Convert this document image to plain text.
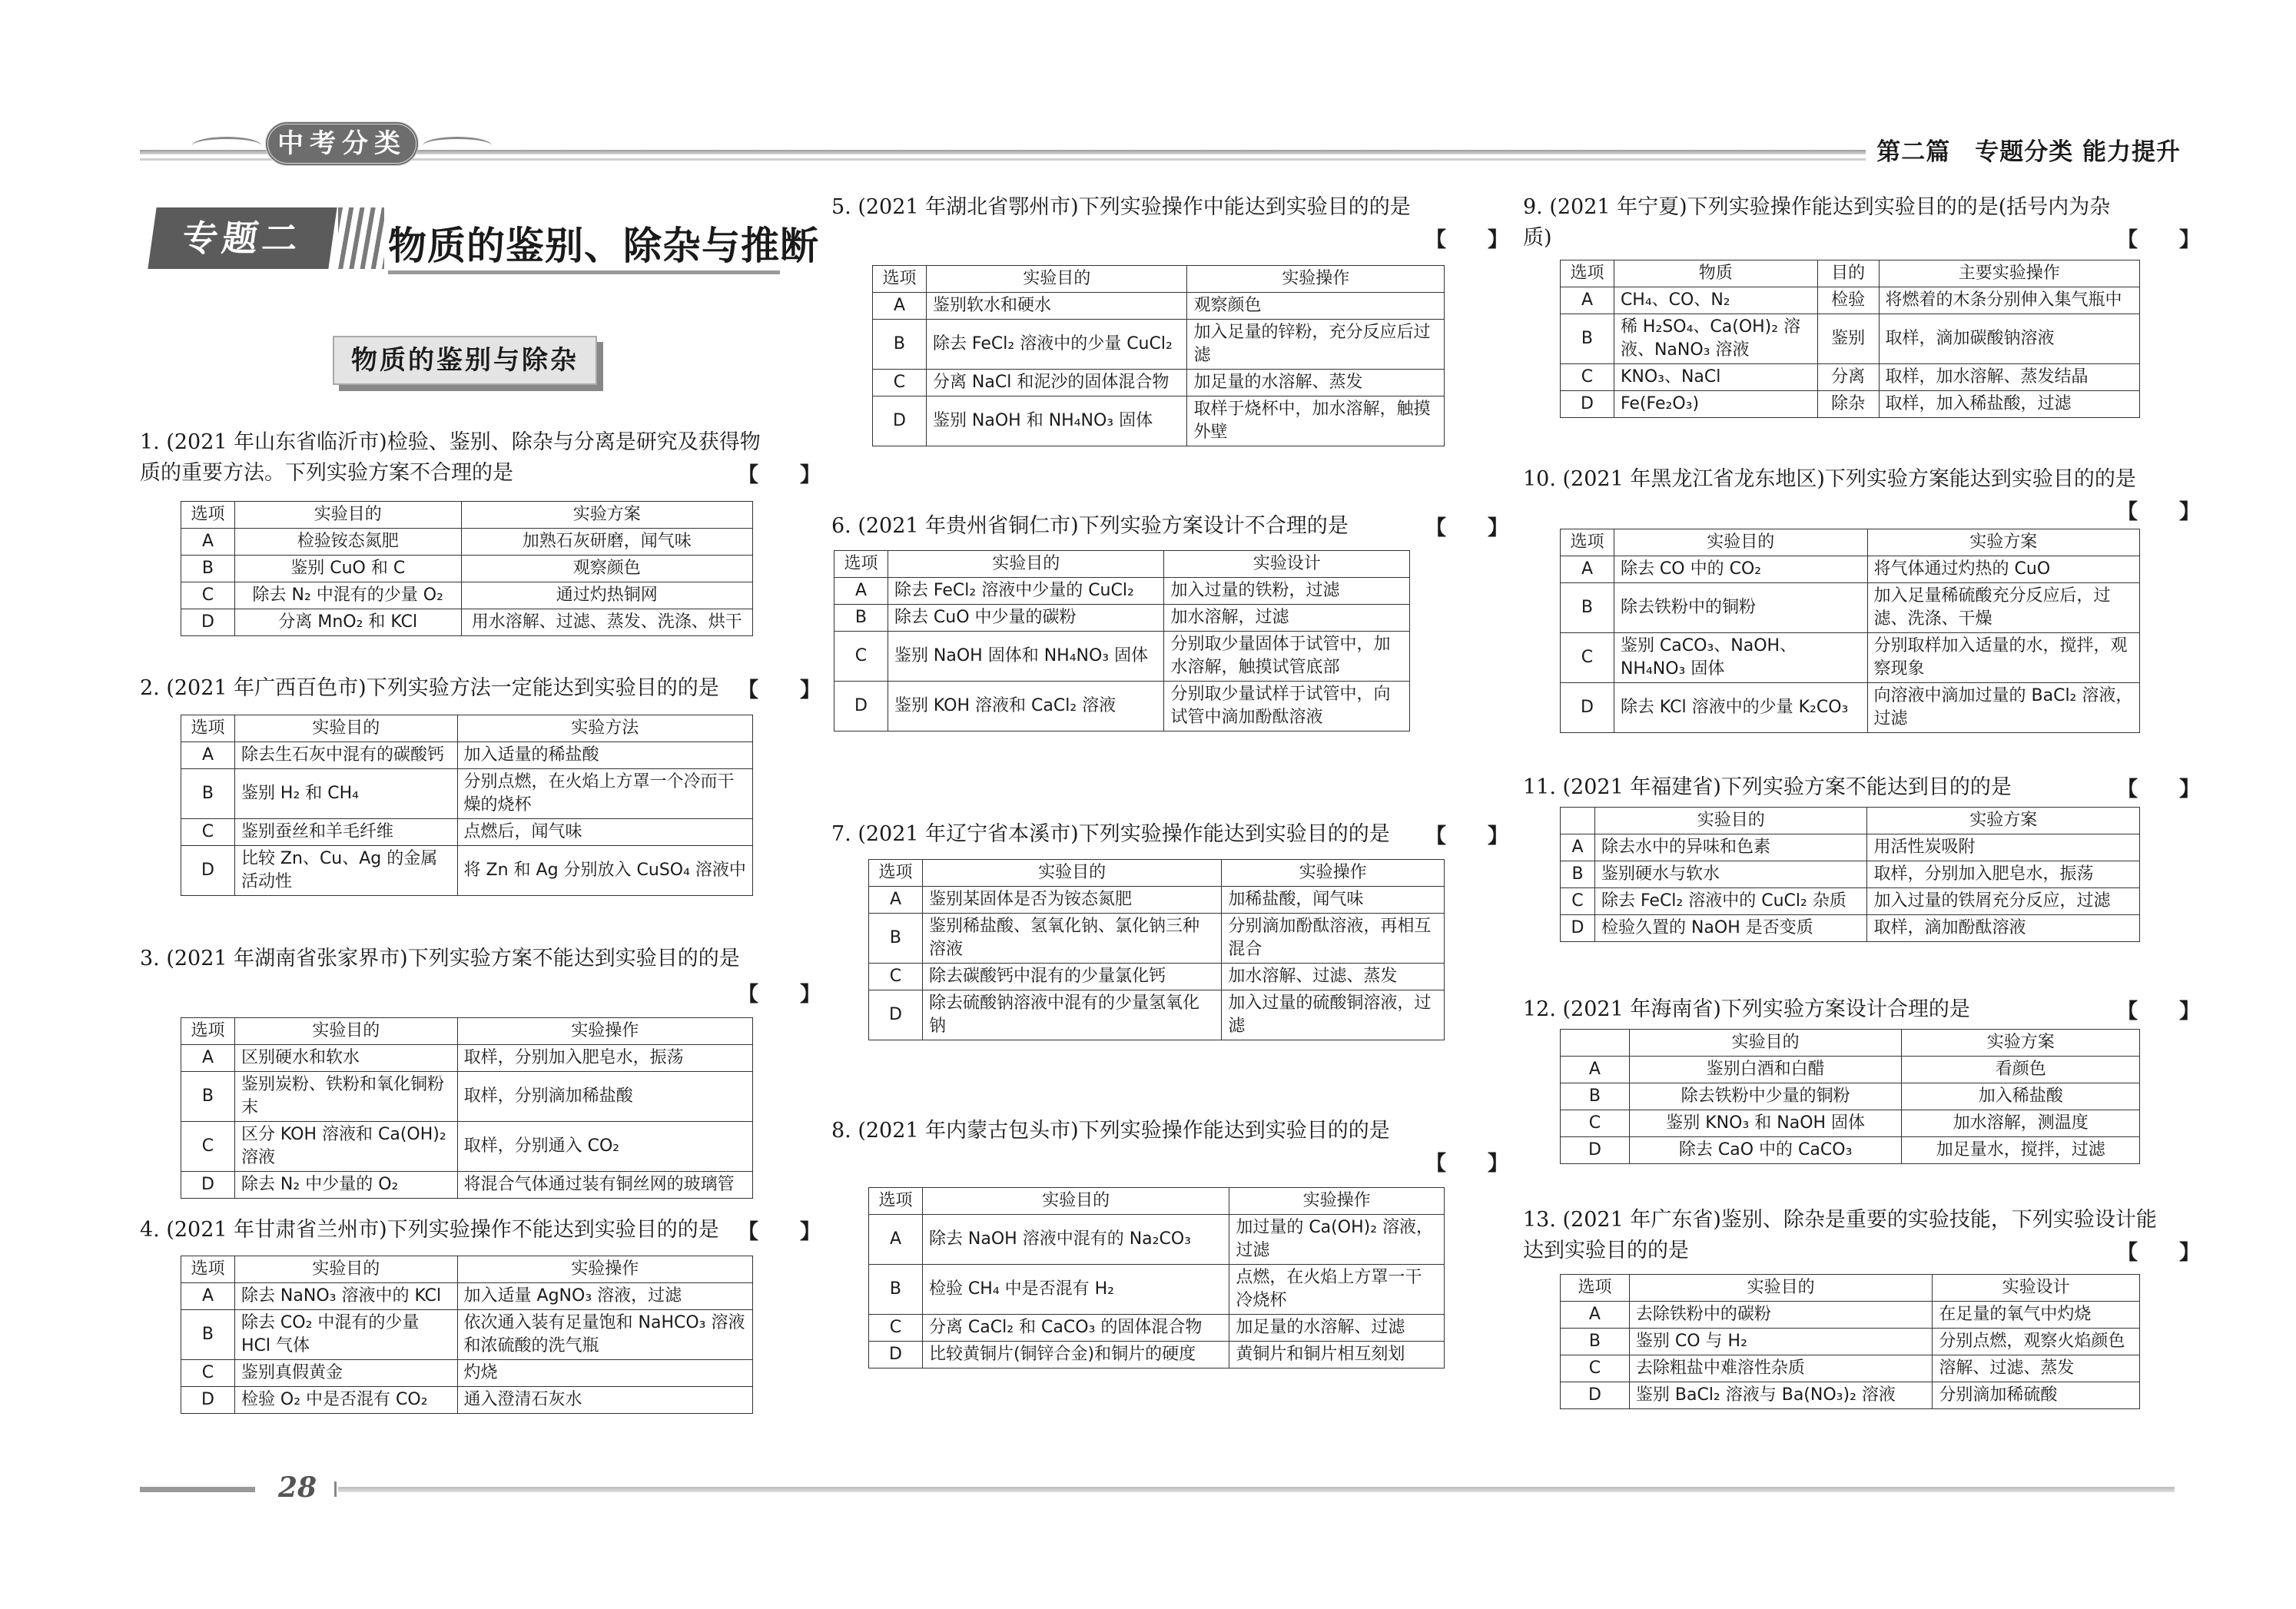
中考分类	第二篇　专题分类 能力提升
专题二	物质的鉴别、除杂与推断
物质的鉴别与除杂
1. (2021 年山东省临沂市)检验、鉴别、除杂与分离是研究及获得物
质的重要方法。下列实验方案不合理的是	【　　】
选项	实验目的	实验方案
A	检验铵态氮肥	加熟石灰研磨，闻气味
B	鉴别 CuO 和 C	观察颜色
C	除去 N₂ 中混有的少量 O₂	通过灼热铜网
D	分离 MnO₂ 和 KCl	用水溶解、过滤、蒸发、洗涤、烘干
2. (2021 年广西百色市)下列实验方法一定能达到实验目的的是 【　　】
选项	实验目的	实验方法
A	除去生石灰中混有的碳酸钙	加入适量的稀盐酸
B	鉴别 H₂ 和 CH₄	分别点燃，在火焰上方罩一个冷而干燥的烧杯
C	鉴别蚕丝和羊毛纤维	点燃后，闻气味
D	比较 Zn、Cu、Ag 的金属活动性	将 Zn 和 Ag 分别放入 CuSO₄ 溶液中
3. (2021 年湖南省张家界市)下列实验方案不能达到实验目的的是
【　　】
选项	实验目的	实验操作
A	区别硬水和软水	取样，分别加入肥皂水，振荡
B	鉴别炭粉、铁粉和氧化铜粉末	取样，分别滴加稀盐酸
C	区分 KOH 溶液和 Ca(OH)₂ 溶液	取样，分别通入 CO₂
D	除去 N₂ 中少量的 O₂	将混合气体通过装有铜丝网的玻璃管
4. (2021 年甘肃省兰州市)下列实验操作不能达到实验目的的是 【　　】
选项	实验目的	实验操作
A	除去 NaNO₃ 溶液中的 KCl	加入适量 AgNO₃ 溶液，过滤
B	除去 CO₂ 中混有的少量 HCl 气体	依次通入装有足量饱和 NaHCO₃ 溶液和浓硫酸的洗气瓶
C	鉴别真假黄金	灼烧
D	检验 O₂ 中是否混有 CO₂	通入澄清石灰水
5. (2021 年湖北省鄂州市)下列实验操作中能达到实验目的的是
【　　】
选项	实验目的	实验操作
A	鉴别软水和硬水	观察颜色
B	除去 FeCl₂ 溶液中的少量 CuCl₂	加入足量的锌粉，充分反应后过滤
C	分离 NaCl 和泥沙的固体混合物	加足量的水溶解、蒸发
D	鉴别 NaOH 和 NH₄NO₃ 固体	取样于烧杯中，加水溶解，触摸外壁
6. (2021 年贵州省铜仁市)下列实验方案设计不合理的是	【　　】
选项	实验目的	实验设计
A	除去 FeCl₂ 溶液中少量的 CuCl₂	加入过量的铁粉，过滤
B	除去 CuO 中少量的碳粉	加水溶解，过滤
C	鉴别 NaOH 固体和 NH₄NO₃ 固体	分别取少量固体于试管中，加水溶解，触摸试管底部
D	鉴别 KOH 溶液和 CaCl₂ 溶液	分别取少量试样于试管中，向试管中滴加酚酞溶液
7. (2021 年辽宁省本溪市)下列实验操作能达到实验目的的是	【　　】
选项	实验目的	实验操作
A	鉴别某固体是否为铵态氮肥	加稀盐酸，闻气味
B	鉴别稀盐酸、氢氧化钠、氯化钠三种溶液	分别滴加酚酞溶液，再相互混合
C	除去碳酸钙中混有的少量氯化钙	加水溶解、过滤、蒸发
D	除去硫酸钠溶液中混有的少量氢氧化钠	加入过量的硫酸铜溶液，过滤
8. (2021 年内蒙古包头市)下列实验操作能达到实验目的的是
【　　】
选项	实验目的	实验操作
A	除去 NaOH 溶液中混有的 Na₂CO₃	加过量的 Ca(OH)₂ 溶液，过滤
B	检验 CH₄ 中是否混有 H₂	点燃，在火焰上方罩一干冷烧杯
C	分离 CaCl₂ 和 CaCO₃ 的固体混合物	加足量的水溶解、过滤
D	比较黄铜片(铜锌合金)和铜片的硬度	黄铜片和铜片相互刻划
9. (2021 年宁夏)下列实验操作能达到实验目的的是(括号内为杂
质)	【　　】
选项	物质	目的	主要实验操作
A	CH₄、CO、N₂	检验	将燃着的木条分别伸入集气瓶中
B	稀 H₂SO₄、Ca(OH)₂ 溶液、NaNO₃ 溶液	鉴别	取样，滴加碳酸钠溶液
C	KNO₃、NaCl	分离	取样，加水溶解、蒸发结晶
D	Fe(Fe₂O₃)	除杂	取样，加入稀盐酸，过滤
10. (2021 年黑龙江省龙东地区)下列实验方案能达到实验目的的是
【　　】
选项	实验目的	实验方案
A	除去 CO 中的 CO₂	将气体通过灼热的 CuO
B	除去铁粉中的铜粉	加入足量稀硫酸充分反应后，过滤、洗涤、干燥
C	鉴别 CaCO₃、NaOH、NH₄NO₃ 固体	分别取样加入适量的水，搅拌，观察现象
D	除去 KCl 溶液中的少量 K₂CO₃	向溶液中滴加过量的 BaCl₂ 溶液，过滤
11. (2021 年福建省)下列实验方案不能达到目的的是	【　　】
	实验目的	实验方案
A	除去水中的异味和色素	用活性炭吸附
B	鉴别硬水与软水	取样，分别加入肥皂水，振荡
C	除去 FeCl₂ 溶液中的 CuCl₂ 杂质	加入过量的铁屑充分反应，过滤
D	检验久置的 NaOH 是否变质	取样，滴加酚酞溶液
12. (2021 年海南省)下列实验方案设计合理的是	【　　】
	实验目的	实验方案
A	鉴别白酒和白醋	看颜色
B	除去铁粉中少量的铜粉	加入稀盐酸
C	鉴别 KNO₃ 和 NaOH 固体	加水溶解，测温度
D	除去 CaO 中的 CaCO₃	加足量水，搅拌，过滤
13. (2021 年广东省)鉴别、除杂是重要的实验技能，下列实验设计能
达到实验目的的是	【　　】
选项	实验目的	实验设计
A	去除铁粉中的碳粉	在足量的氧气中灼烧
B	鉴别 CO 与 H₂	分别点燃，观察火焰颜色
C	去除粗盐中难溶性杂质	溶解、过滤、蒸发
D	鉴别 BaCl₂ 溶液与 Ba(NO₃)₂ 溶液	分别滴加稀硫酸
28
